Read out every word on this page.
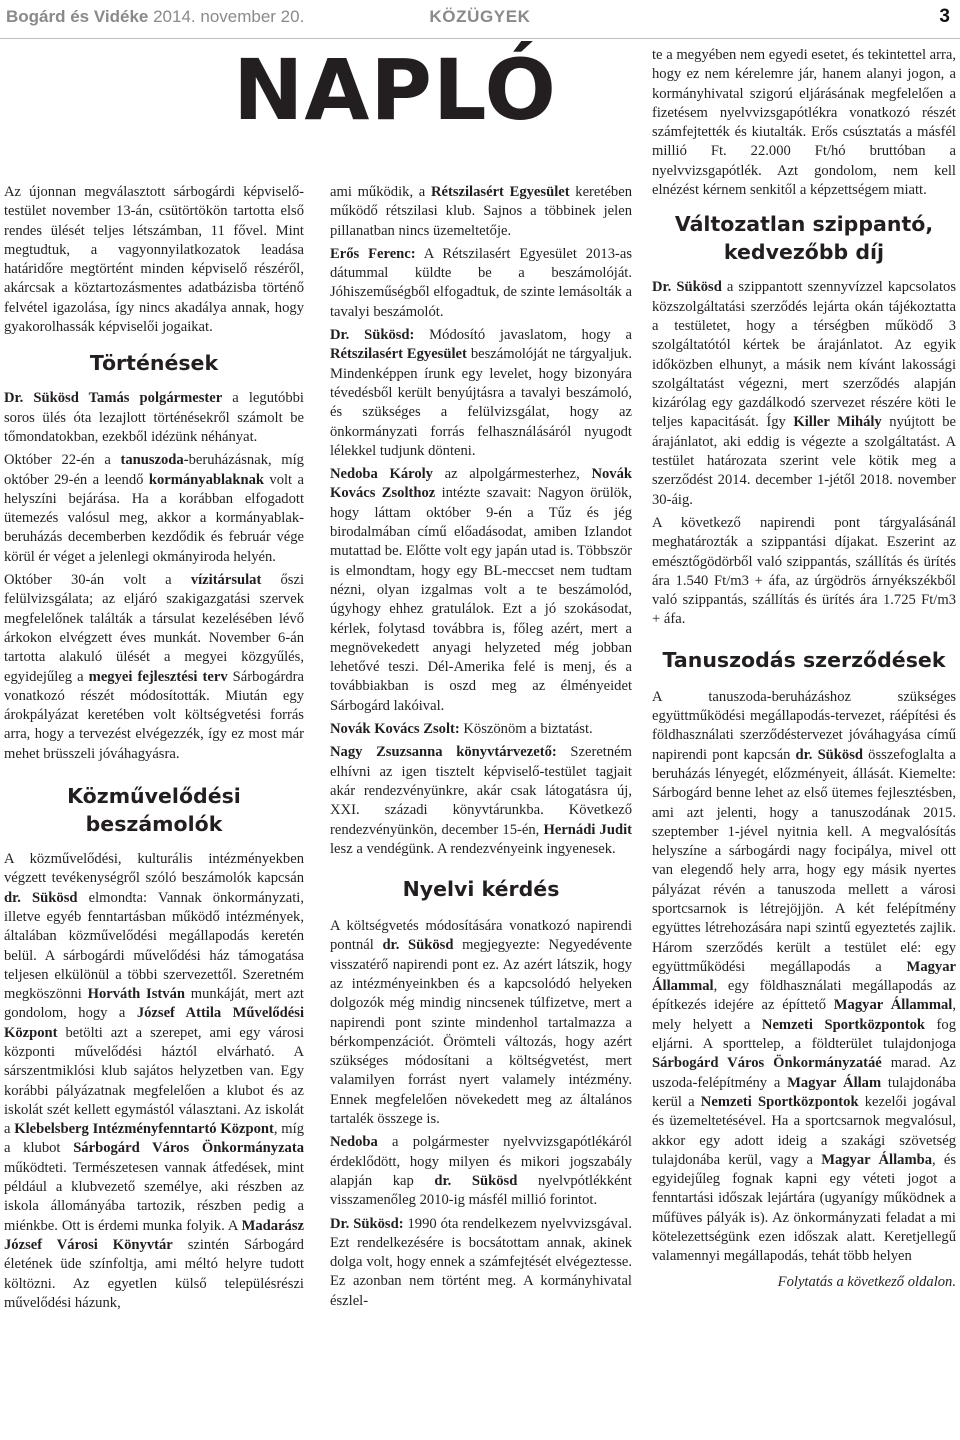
Bogárd és Vidéke 2014. november 20.	KÖZÜGYEK	3
NAPLÓ

Az újonnan megválasztott sárbogárdi képviselő-testület november 13-án, csütörtökön tartotta első rendes ülését teljes létszámban, 11 fővel. Mint megtudtuk, a vagyonnyilatkozatok leadása határidőre megtörtént minden képviselő részéről, akárcsak a köztartozásmentes adatbázisba történő felvétel igazolása, így nincs akadálya annak, hogy gyakorolhassák képviselői jogaikat.

Történések

Dr. Sükösd Tamás polgármester a legutóbbi soros ülés óta lezajlott történésekről számolt be tőmondatokban, ezekből idézünk néhányat.

Október 22-én a tanuszoda-beruházásnak, míg október 29-én a leendő kormányablaknak volt a helyszíni bejárása. Ha a korábban elfogadott ütemezés valósul meg, akkor a kormányablak-beruházás decemberben kezdődik és február vége körül ér véget a jelenlegi okmányiroda helyén.

Október 30-án volt a vízitársulat őszi felülvizsgálata; az eljáró szakigazgatási szervek megfelelőnek találták a társulat kezelésében lévő árkokon elvégzett éves munkát. November 6-án tartotta alakuló ülését a megyei közgyűlés, egyidejűleg a megyei fejlesztési terv Sárbogárdra vonatkozó részét módosították. Miután egy árokpályázat keretében volt költségvetési forrás arra, hogy a tervezést elvégezzék, így ez most már mehet brüsszeli jóváhagyásra.

Közművelődési beszámolók

A közművelődési, kulturális intézményekben végzett tevékenységről szóló beszámolók kapcsán dr. Sükösd elmondta: Vannak önkormányzati, illetve egyéb fenntartásban működő intézmények, általában közművelődési megállapodás keretén belül. A sárbogárdi művelődési ház támogatása teljesen elkülönül a többi szervezettől. Szeretném megköszönni Horváth István munkáját, mert azt gondolom, hogy a József Attila Művelődési Központ betölti azt a szerepet, ami egy városi központi művelődési háztól elvárható. A sárszentmiklósi klub sajátos helyzetben van. Egy korábbi pályázatnak megfelelően a klubot és az iskolát szét kellett egymástól választani. Az iskolát a Klebelsberg Intézményfenntartó Központ, míg a klubot Sárbogárd Város Önkormányzata működteti. Természetesen vannak átfedések, mint például a klubvezető személye, aki részben az iskola állományába tartozik, részben pedig a miénkbe. Ott is érdemi munka folyik. A Madarász József Városi Könyvtár szintén Sárbogárd életének üde színfoltja, ami méltó helyre tudott költözni. Az egyetlen külső településrészi művelődési házunk,

ami működik, a Rétszilasért Egyesület keretében működő rétszilasi klub. Sajnos a többinek jelen pillanatban nincs üzemeltetője.

Erős Ferenc: A Rétszilasért Egyesület 2013-as dátummal küldte be a beszámolóját. Jóhiszeműségből elfogadtuk, de szinte lemásolták a tavalyi beszámolót.

Dr. Sükösd: Módosító javaslatom, hogy a Rétszilasért Egyesület beszámolóját ne tárgyaljuk. Mindenképpen írunk egy levelet, hogy bizonyára tévedésből került benyújtásra a tavalyi beszámoló, és szükséges a felülvizsgálat, hogy az önkormányzati forrás felhasználásáról nyugodt lélekkel tudjunk dönteni.

Nedoba Károly az alpolgármesterhez, Novák Kovács Zsolthoz intézte szavait: Nagyon örülök, hogy láttam október 9-én a Tűz és jég birodalmában című előadásodat, amiben Izlandot mutattad be. Előtte volt egy japán utad is. Többször is elmondtam, hogy egy BL-meccset nem tudtam nézni, olyan izgalmas volt a te beszámolód, úgyhogy ehhez gratulálok. Ezt a jó szokásodat, kérlek, folytasd továbbra is, főleg azért, mert a megnövekedett anyagi helyzeted még jobban lehetővé teszi. Dél-Amerika felé is menj, és a továbbiakban is oszd meg az élményeidet Sárbogárd lakóival.

Novák Kovács Zsolt: Köszönöm a biztatást.

Nagy Zsuzsanna könyvtárvezető: Szeretném elhívni az igen tisztelt képviselő-testület tagjait akár rendezvényünkre, akár csak látogatásra új, XXI. századi könyvtárunkba. Következő rendezvényünkön, december 15-én, Hernádi Judit lesz a vendégünk. A rendezvényeink ingyenesek.

Nyelvi kérdés

A költségvetés módosítására vonatkozó napirendi pontnál dr. Sükösd megjegyezte: Negyedévente visszatérő napirendi pont ez. Az azért látszik, hogy az intézményeinkben és a kapcsolódó helyeken dolgozók még mindig nincsenek túlfizetve, mert a napirendi pont szinte mindenhol tartalmazza a bérkompenzációt. Örömteli változás, hogy azért szükséges módosítani a költségvetést, mert valamilyen forrást nyert valamely intézmény. Ennek megfelelően növekedett meg az általános tartalék összege is.

Nedoba a polgármester nyelvvizsgapótlékáról érdeklődött, hogy milyen és mikori jogszabály alapján kap dr. Sükösd nyelvpótlékként visszamenőleg 2010-ig másfél millió forintot.

Dr. Sükösd: 1990 óta rendelkezem nyelvvizsgával. Ezt rendelkezésére is bocsátottam annak, akinek dolga volt, hogy ennek a számfejtését elvégeztesse. Ez azonban nem történt meg. A kormányhivatal észlel-

te a megyében nem egyedi esetet, és tekintettel arra, hogy ez nem kérelemre jár, hanem alanyi jogon, a kormányhivatal szigorú eljárásának megfelelően a fizetésem nyelvvizsgapótlékra vonatkozó részét számfejtették és kiutalták. Erős csúsztatás a másfél millió Ft. 22.000 Ft/hó bruttóban a nyelvvizsgapótlék. Azt gondolom, nem kell elnézést kérnem senkitől a képzettségem miatt.

Változatlan szippantó, kedvezőbb díj

Dr. Sükösd a szippantott szennyvízzel kapcsolatos közszolgáltatási szerződés lejárta okán tájékoztatta a testületet, hogy a térségben működő 3 szolgáltatótól kértek be árajánlatot. Az egyik időközben elhunyt, a másik nem kívánt lakossági szolgáltatást végezni, mert szerződés alapján kizárólag egy gazdálkodó szervezet részére köti le teljes kapacitását. Így Killer Mihály nyújtott be árajánlatot, aki eddig is végezte a szolgáltatást. A testület határozata szerint vele kötik meg a szerződést 2014. december 1-jétől 2018. november 30-áig.

A következő napirendi pont tárgyalásánál meghatározták a szippantási díjakat. Eszerint az emésztőgödörből való szippantás, szállítás és ürítés ára 1.540 Ft/m3 + áfa, az úrgödrös árnyékszékből való szippantás, szállítás és ürítés ára 1.725 Ft/m3 + áfa.

Tanuszodás szerződések

A tanuszoda-beruházáshoz szükséges együttműködési megállapodás-tervezet, ráépítési és földhasználati szerződéstervezet jóváhagyása című napirendi pont kapcsán dr. Sükösd összefoglalta a beruházás lényegét, előzményeit, állását. Kiemelte: Sárbogárd benne lehet az első ütemes fejlesztésben, ami azt jelenti, hogy a tanuszodának 2015. szeptember 1-jével nyitnia kell. A megvalósítás helyszíne a sárbogárdi nagy focipálya, mivel ott van elegendő hely arra, hogy egy másik nyertes pályázat révén a tanuszoda mellett a városi sportcsarnok is létrejöjjön. A két felépítmény együttes létrehozására napi szintű egyeztetés zajlik. Három szerződés került a testület elé: egy együttműködési megállapodás a Magyar Állammal, egy földhasználati megállapodás az építkezés idejére az építtető Magyar Állammal, mely helyett a Nemzeti Sportközpontok fog eljárni. A sporttelep, a földterület tulajdonjoga Sárbogárd Város Önkormányzatáé marad. Az uszoda-felépítmény a Magyar Állam tulajdonába kerül a Nemzeti Sportközpontok kezelői jogával és üzemeltetésével. Ha a sportcsarnok megvalósul, akkor egy adott ideig a szakági szövetség tulajdonába kerül, vagy a Magyar Államba, és egyidejűleg fognak kapni egy véteti jogot a fenntartási időszak lejártára (ugyanígy működnek a műfüves pályák is). Az önkormányzati feladat a mi kötelezettségünk ezen időszak alatt. Keretjellegű valamennyi megállapodás, tehát több helyen

Folytatás a következő oldalon.
